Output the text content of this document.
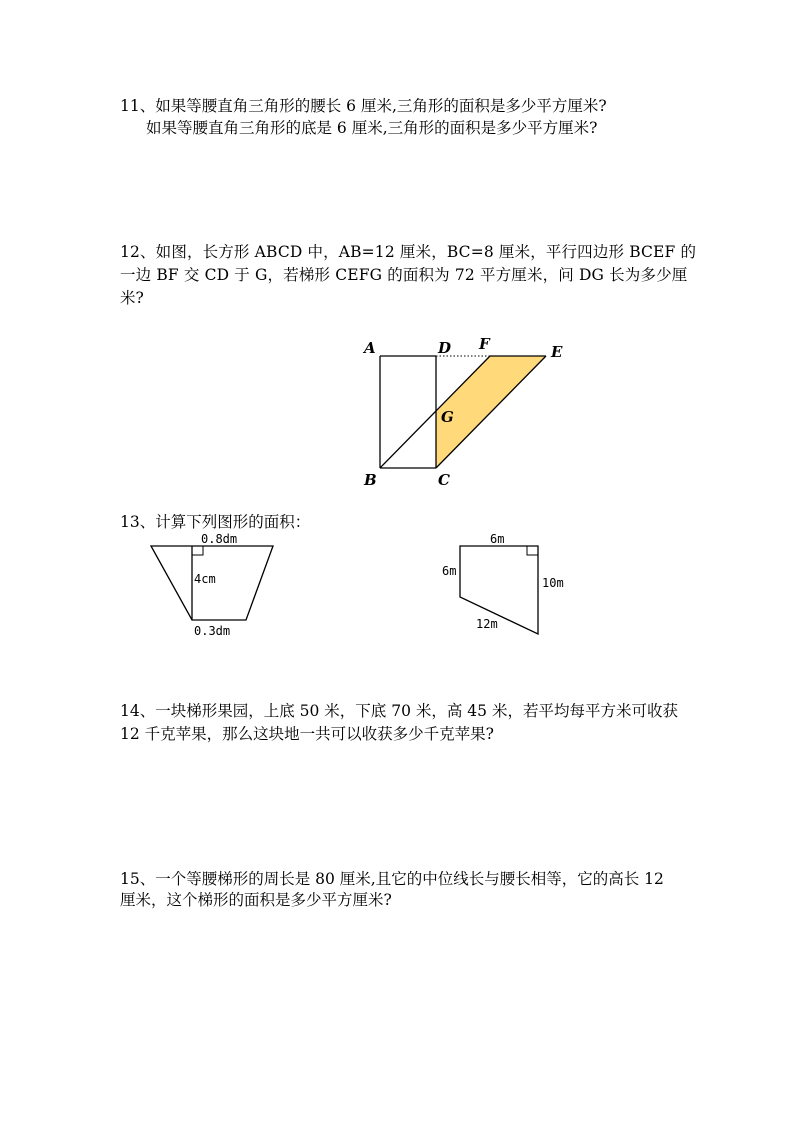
11、如果等腰直角三角形的腰长 6 厘米,三角形的面积是多少平方厘米?

如果等腰直角三角形的底是 6 厘米,三角形的面积是多少平方厘米?

12、如图，长方形 ABCD 中，AB=12 厘米，BC=8 厘米，平行四边形 BCEF 的

一边 BF 交 CD 于 G，若梯形 CEFG 的面积为 72 平方厘米，问 DG 长为多少厘

米?

A	D F	E
G
B	C

13、计算下列图形的面积：

0.8dm
4cm
0.3dm
6m
6m
10m
12m

14、一块梯形果园，上底 50 米，下底 70 米，高 45 米，若平均每平方米可收获

12 千克苹果，那么这块地一共可以收获多少千克苹果?

15、一个等腰梯形的周长是 80 厘米,且它的中位线长与腰长相等，它的高长 12

厘米，这个梯形的面积是多少平方厘米?
